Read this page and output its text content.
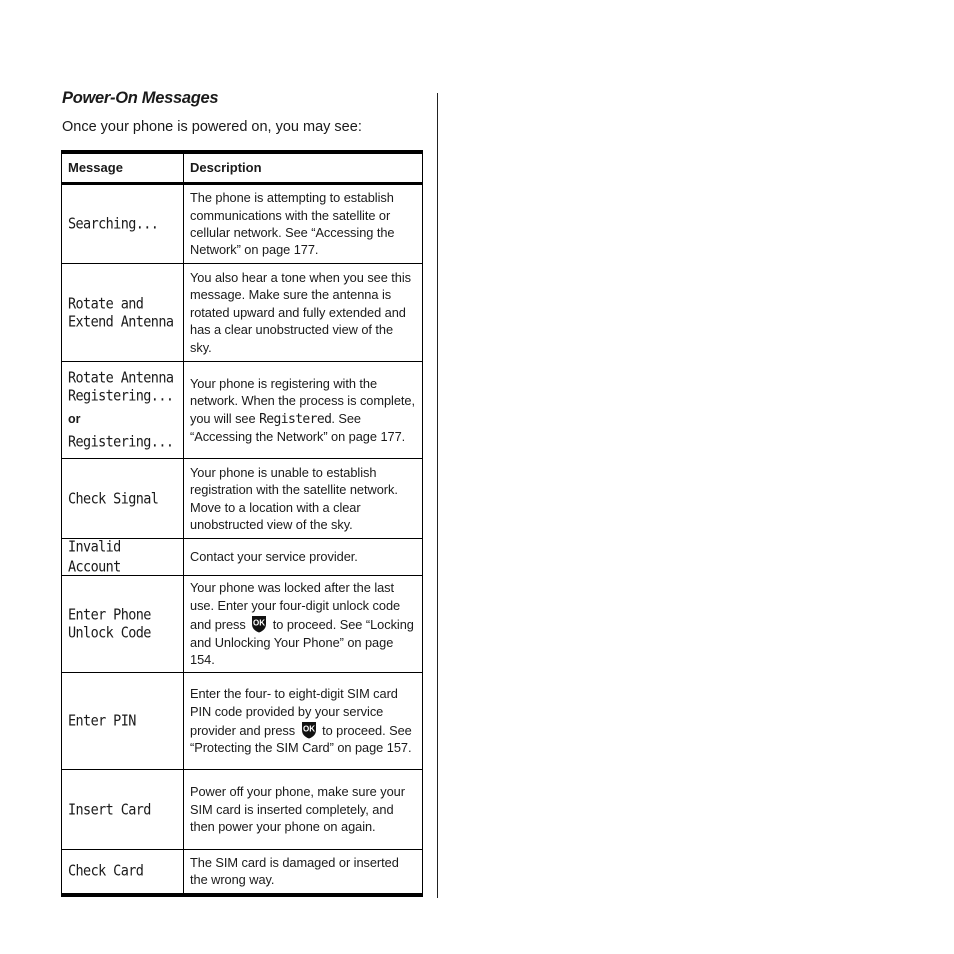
Power-On Messages

Once your phone is powered on, you may see:

Message	Description

Searching...	The phone is attempting to establish communications with the satellite or cellular network. See “Accessing the Network” on page 177.

Rotate and
Extend Antenna	You also hear a tone when you see this message. Make sure the antenna is rotated upward and fully extended and has a clear unobstructed view of the sky.

Rotate Antenna
Registering...
or
Registering...	Your phone is registering with the network. When the process is complete, you will see Registered. See “Accessing the Network” on page 177.

Check Signal	Your phone is unable to establish registration with the satellite network. Move to a location with a clear unobstructed view of the sky.

Invalid Account	Contact your service provider.

Enter Phone
Unlock Code	Your phone was locked after the last use. Enter your four-digit unlock code and press OK to proceed. See “Locking and Unlocking Your Phone” on page 154.

Enter PIN	Enter the four- to eight-digit SIM card PIN code provided by your service provider and press OK to proceed. See “Protecting the SIM Card” on page 157.

Insert Card	Power off your phone, make sure your SIM card is inserted completely, and then power your phone on again.

Check Card	The SIM card is damaged or inserted the wrong way.
